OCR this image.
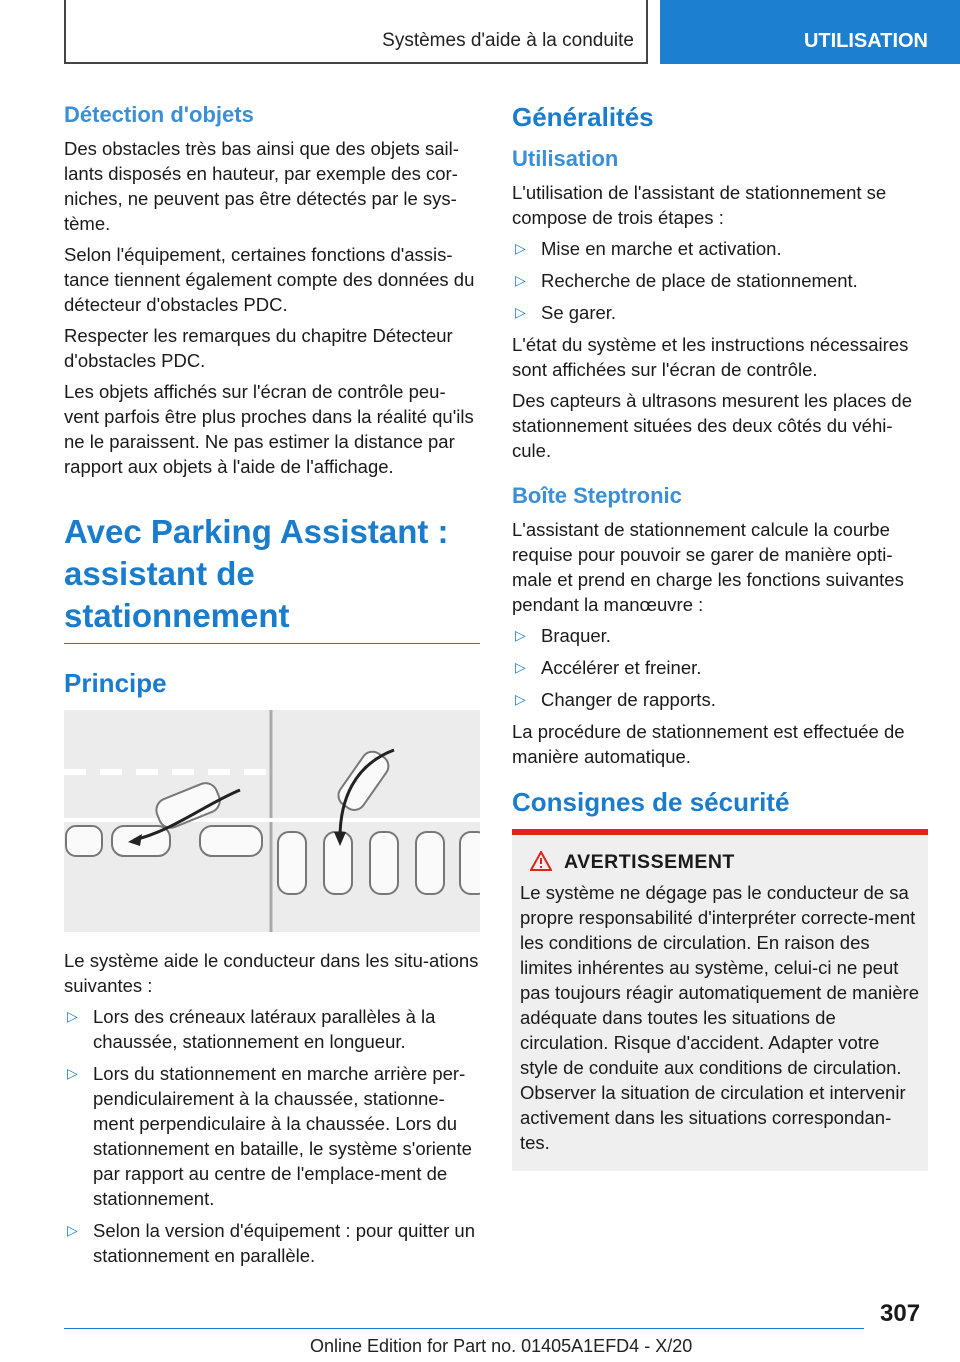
Systèmes d'aide à la conduite	UTILISATION
Détection d'objets

Des obstacles très bas ainsi que des objets sail-lants disposés en hauteur, par exemple des cor-niches, ne peuvent pas être détectés par le sys-tème.

Selon l'équipement, certaines fonctions d'assis-tance tiennent également compte des données du détecteur d'obstacles PDC.

Respecter les remarques du chapitre Détecteur d'obstacles PDC.

Les objets affichés sur l'écran de contrôle peu-vent parfois être plus proches dans la réalité qu'ils ne le paraissent. Ne pas estimer la distance par rapport aux objets à l'aide de l'affichage.

Avec Parking Assistant : assistant de stationnement
Principe

Le système aide le conducteur dans les situ-ations suivantes :

▷ Lors des créneaux latéraux parallèles à la chaussée, stationnement en longueur.
▷ Lors du stationnement en marche arrière per-pendiculairement à la chaussée, stationne-ment perpendiculaire à la chaussée. Lors du stationnement en bataille, le système s'oriente par rapport au centre de l'emplace-ment de stationnement.
▷ Selon la version d'équipement : pour quitter un stationnement en parallèle.
Généralités
Utilisation

L'utilisation de l'assistant de stationnement se compose de trois étapes :

▷ Mise en marche et activation.
▷ Recherche de place de stationnement.
▷ Se garer.

L'état du système et les instructions nécessaires sont affichées sur l'écran de contrôle.

Des capteurs à ultrasons mesurent les places de stationnement situées des deux côtés du véhi-cule.

Boîte Steptronic

L'assistant de stationnement calcule la courbe requise pour pouvoir se garer de manière opti-male et prend en charge les fonctions suivantes pendant la manœuvre :

▷ Braquer.
▷ Accélérer et freiner.
▷ Changer de rapports.

La procédure de stationnement est effectuée de manière automatique.

Consignes de sécurité
AVERTISSEMENT

Le système ne dégage pas le conducteur de sa propre responsabilité d'interpréter correcte-ment les conditions de circulation. En raison des limites inhérentes au système, celui-ci ne peut pas toujours réagir automatiquement de manière adéquate dans toutes les situations de circulation. Risque d'accident. Adapter votre style de conduite aux conditions de circulation. Observer la situation de circulation et intervenir activement dans les situations correspondan-tes.

307
Online Edition for Part no. 01405A1EFD4 - X/20
